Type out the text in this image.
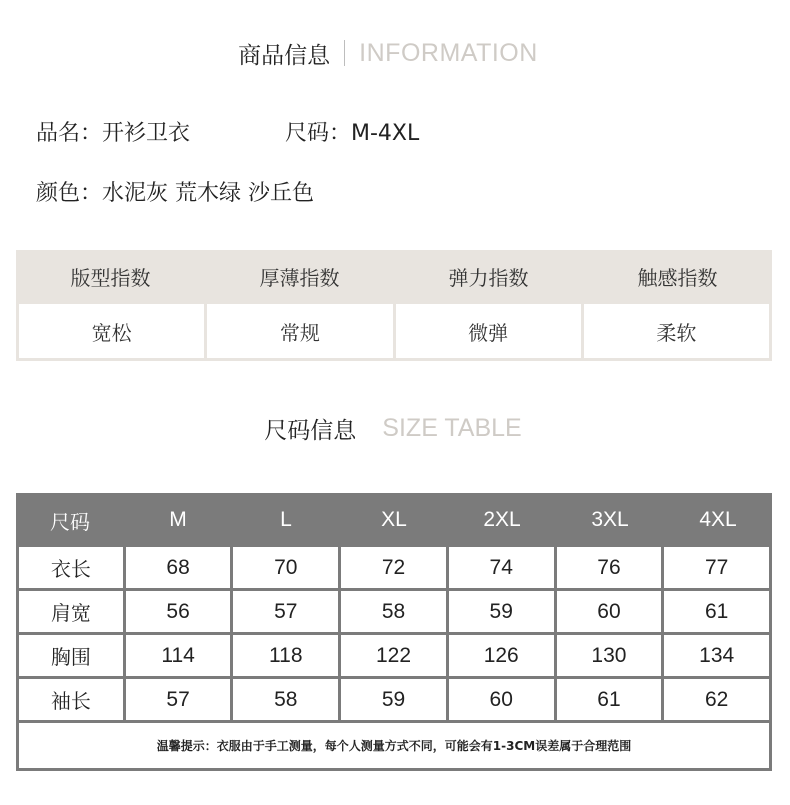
商品信息 INFORMATION
品名：开衫卫衣	尺码：M-4XL
颜色：水泥灰 荒木绿 沙丘色
版型指数	厚薄指数	弹力指数	触感指数
宽松	常规	微弹	柔软
尺码信息 SIZE TABLE
尺码	M	L	XL	2XL	3XL	4XL
衣长	68	70	72	74	76	77
肩宽	56	57	58	59	60	61
胸围	114	118	122	126	130	134
袖长	57	58	59	60	61	62
温馨提示：衣服由于手工测量，每个人测量方式不同，可能会有1-3CM误差属于合理范围
